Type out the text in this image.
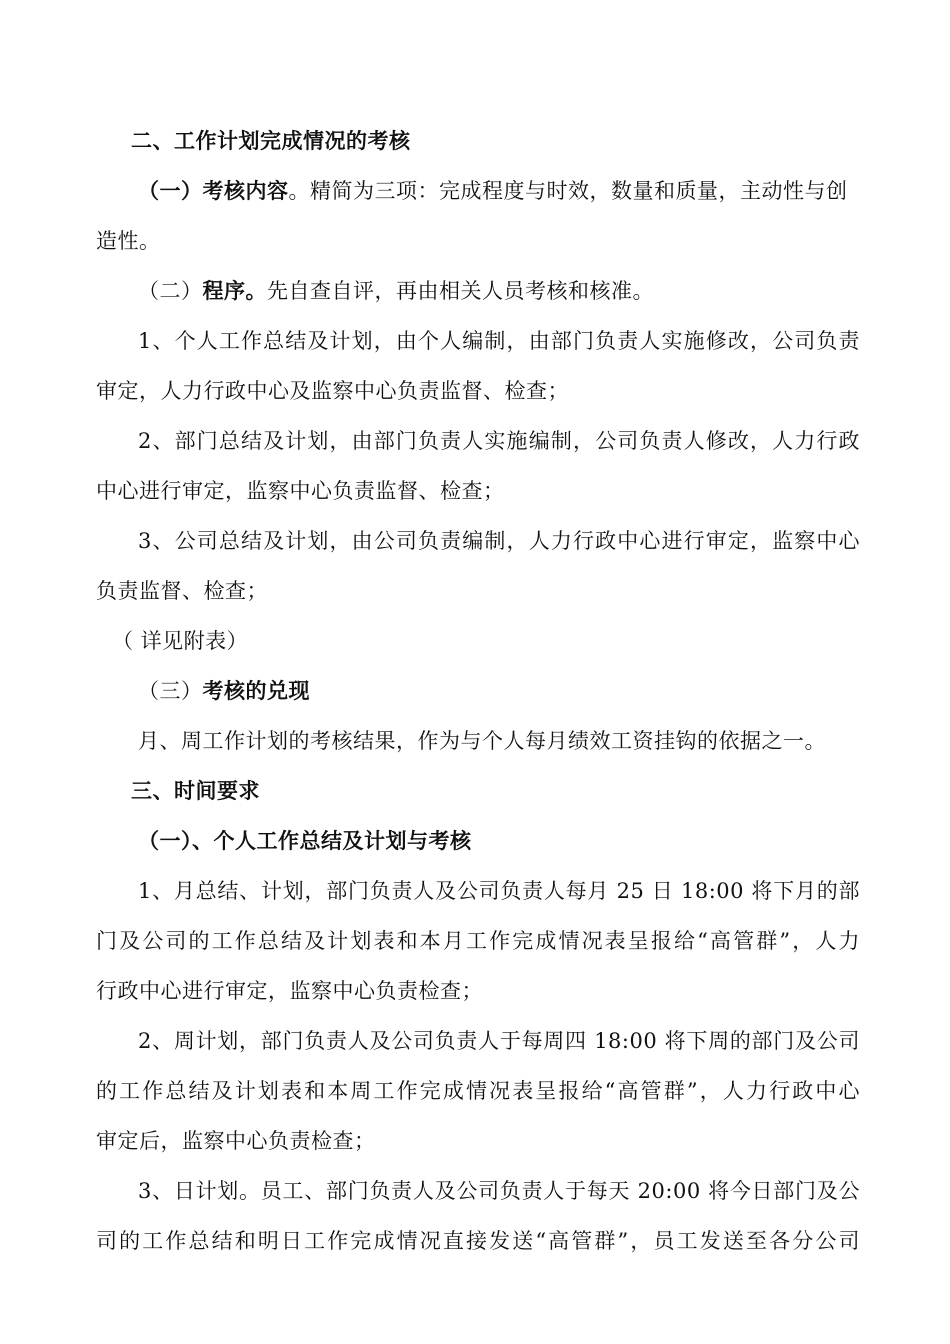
二、工作计划完成情况的考核
（一）考核内容。精简为三项：完成程度与时效，数量和质量，主动性与创
造性。
（二）程序。先自查自评，再由相关人员考核和核准。
1、个人工作总结及计划，由个人编制，由部门负责人实施修改，公司负责
审定，人力行政中心及监察中心负责监督、检查；
2、部门总结及计划，由部门负责人实施编制，公司负责人修改，人力行政
中心进行审定，监察中心负责监督、检查；
3、公司总结及计划，由公司负责编制，人力行政中心进行审定，监察中心
负责监督、检查；
（ 详见附表）
（三）考核的兑现
月、周工作计划的考核结果，作为与个人每月绩效工资挂钩的依据之一。
三、时间要求
（一）、个人工作总结及计划与考核
1、月总结、计划，部门负责人及公司负责人每月 25 日 18:00 将下月的部
门及公司的工作总结及计划表和本月工作完成情况表呈报给“高管群”，人力
行政中心进行审定，监察中心负责检查；
2、周计划，部门负责人及公司负责人于每周四 18:00 将下周的部门及公司
的工作总结及计划表和本周工作完成情况表呈报给“高管群”，人力行政中心
审定后，监察中心负责检查；
3、日计划。员工、部门负责人及公司负责人于每天 20:00 将今日部门及公
司的工作总结和明日工作完成情况直接发送“高管群”，员工发送至各分公司
